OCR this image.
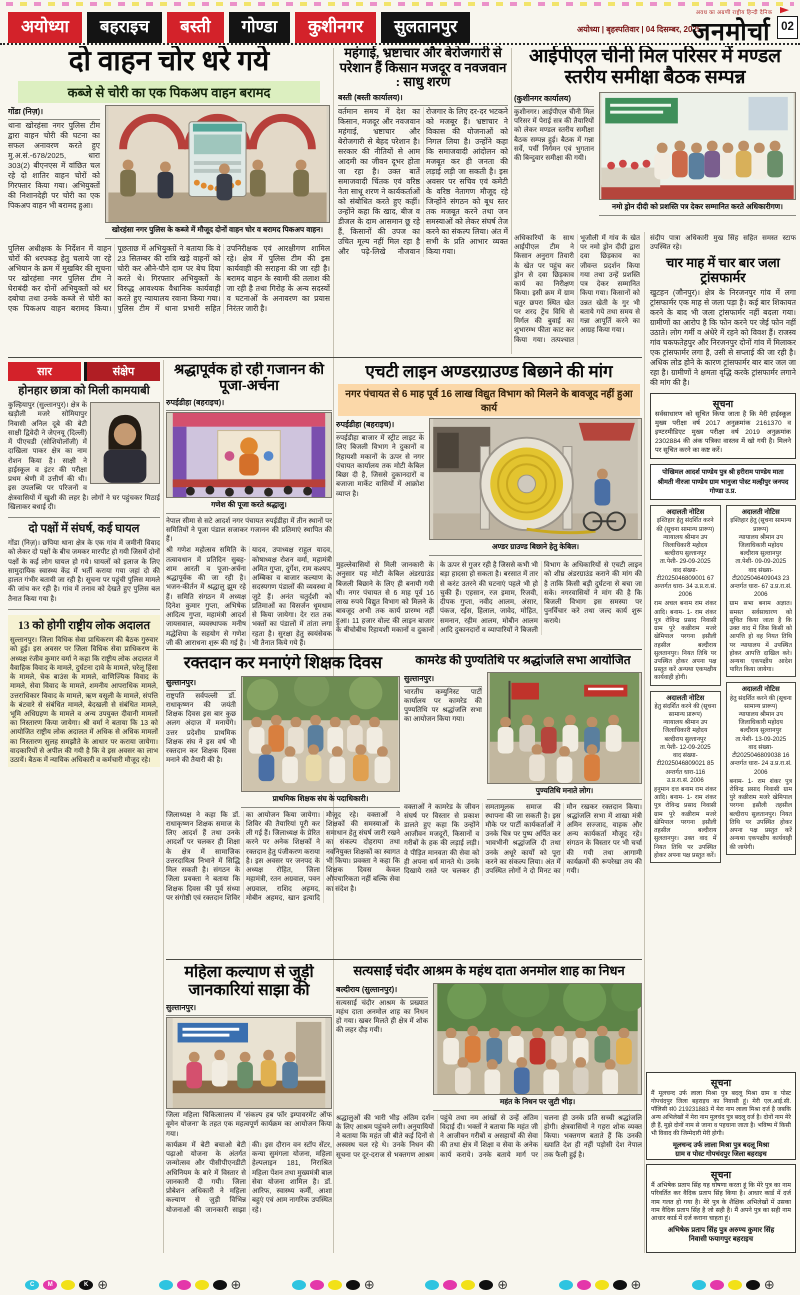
अयोध्या	बहराइच	बस्ती	गोण्डा	कुशीनगर	सुलतानपुर	अयोध्या | बृहस्पतिवार | 04 दिसम्बर, 2025
अवध का अग्रणी राष्ट्रीय हिन्दी दैनिक
जनमोर्चा 02
दो वाहन चोर धरे गये
कब्जे से चोरी का एक पिकअप वाहन बरामद
गोंडा (निज़)।
थाना खोरहंसा नगर पुलिस टीम द्वारा वाहन चोरी की घटना का सफल अनावरण करते हुए मु.अ.सं.-678/2025, धारा 303(2) बीएनएस में वांछित चल रहे दो शातिर वाहन चोरों को गिरफ्तार किया गया। अभियुक्तों की निशानदेही पर चोरी का एक पिकअप वाहन भी बरामद हुआ।
खोरहंसा नगर पुलिस के कब्जे में मौजूद दोनों वाहन चोर व बरामद पिकअप वाहन।
पुलिस अधीक्षक के निर्देशन में वाहन चोरों की धरपकड़ हेतु चलाये जा रहे अभियान के क्रम में मुखबिर की सूचना पर खोरहंसा नगर पुलिस टीम ने घेराबंदी कर दोनों अभियुक्तों को धर दबोचा तथा उनके कब्जे से चोरी का एक पिकअप वाहन बरामद किया। पूछताछ में अभियुक्तों ने बताया कि वे 23 सितम्बर की रात्रि खड़े वाहनों को चोरी कर औने-पौने दाम पर बेच दिया करते थे। गिरफ्तार अभियुक्तों के विरुद्ध आवश्यक वैधानिक कार्यवाही करते हुए न्यायालय रवाना किया गया। पुलिस टीम में थाना प्रभारी सहित उपनिरीक्षक एवं आरक्षीगण शामिल रहे। क्षेत्र में पुलिस टीम की इस कार्यवाही की सराहना की जा रही है। बरामद वाहन के स्वामी की तलाश की जा रही है तथा गिरोह के अन्य सदस्यों व घटनाओं के अनावरण का प्रयास निरंतर जारी है।
महंगाई, भ्रष्टाचार और बेरोजगारी से परेशान हैं किसान मजदूर व नवजवान : साधु शरण
बस्ती (बस्ती कार्यालय)।
वर्तमान समय में देश का किसान, मजदूर और नवजवान महंगाई, भ्रष्टाचार और बेरोजगारी से बेहद परेशान है। सरकार की नीतियों से आम आदमी का जीवन दूभर होता जा रहा है। उक्त बातें समाजवादी चिंतक एवं वरिष्ठ नेता साधू शरण ने कार्यकर्ताओं को संबोधित करते हुए कहीं। उन्होंने कहा कि खाद, बीज व डीजल के दाम आसमान छू रहे हैं, किसानों की उपज का उचित मूल्य नहीं मिल रहा है और पढ़े-लिखे नौजवान रोजगार के लिए दर-दर भटकने को मजबूर हैं। भ्रष्टाचार ने विकास की योजनाओं को निगल लिया है। उन्होंने कहा कि समाजवादी आंदोलन को मजबूत कर ही जनता की लड़ाई लड़ी जा सकती है। इस अवसर पर सचिव एवं कमेटी के वरिष्ठ नेतागण मौजूद रहे जिन्होंने संगठन को बूथ स्तर तक मजबूत करने तथा जन समस्याओं को लेकर संघर्ष तेज करने का संकल्प लिया। अंत में सभी के प्रति आभार व्यक्त किया गया।
आईपीएल चीनी मिल परिसर में मण्डल स्तरीय समीक्षा बैठक सम्पन्न
(कुशीनगर कार्यालय)
कुशीनगर। आईपीएल चीनी मिल परिसर में पेराई सत्र की तैयारियों को लेकर मण्डल स्तरीय समीक्षा बैठक सम्पन्न हुई। बैठक में गन्ना सर्वे, पर्ची निर्गमन एवं भुगतान की बिन्दुवार समीक्षा की गयी।
नमो ड्रोन दीदी को प्रशस्ति पत्र देकर सम्मानित करते अधिकारीगण।
अधिकारियों के साथ आईपीएल टीम ने किसान अनुराग तिवारी के खेत पर पहुंच कर ड्रोन से दवा छिड़काव कार्य का निरीक्षण किया। इसी क्रम में ग्राम चतुर छपरा स्थित खेत पर शरद ट्रेंच विधि से मिर्गल की बुवाई का शुभारम्भ फीता काट कर किया गया। तत्पश्चात भूजौली में गांव के खेत पर नमो ड्रोन दीदी द्वारा दवा छिड़काव का जीवन्त प्रदर्शन किया गया तथा उन्हें प्रशस्ति पत्र देकर सम्मानित किया गया। किसानों को उन्नत खेती के गुर भी बताये गये तथा समय से गन्ना आपूर्ति करने का आग्रह किया गया।
संदीप पात्रा अधिकारी मुख सिंह सहित समस्त स्टाफ उपस्थित रहे।
चार माह में चार बार जला ट्रांसफार्मर
खुटहन (जौनपुर)। क्षेत्र के निरजनपुर गांव में लगा ट्रांसफार्मर एक माह से जला पड़ा है। कई बार शिकायत करने के बाद भी जला ट्रांसफार्मर नहीं बदला गया। ग्रामीणों का आरोप है कि फोन करने पर जेई फोन नहीं उठाते। लोग गर्मी व अंधेरे में रहने को विवश हैं। राजस्व गांव चकफतेहपुर और निरजनपुर दोनों गांव में मिलाकर एक ट्रांसफार्मर लगा है, उसी से सप्लाई की जा रही है। अधिक लोड होने के कारण ट्रांसफार्मर बार बार जल जा रहा है। ग्रामीणों ने क्षमता वृद्धि करके ट्रांसफार्मर लगाने की मांग की है।
सूचना
सर्वसाधारण को सूचित किया जाता है कि मेरी हाईस्कूल मुख्य परीक्षा वर्ष 2017 अनुक्रमांक 2161370 व इण्टरमीडिएट मुख्य परीक्षा वर्ष 2019 अनुक्रमांक 2302884 की अंक पत्रिका वास्तव में खो गयी है। मिलने पर सूचित करने का कष्ट करें।
पोखिमल आदर्श पाण्डेय पुत्र श्री हरीराम पाण्डेय माता श्रीमती नीरजा पाण्डेय ग्राम भानुजा पोस्ट मल्हीपुर जनपद गोण्डा उ.प्र.
अदालती नोटिस
इश्तिहार हेतु संदर्शित करने की (सूचना सामान्य प्रारूप)
न्यायालय श्रीमान उप जिलाधिकारी महोदय बल्दीराय सुल्तानपुर
ता.पेशी- 29-09-2025
वाद संख्या- टी2025046809001 67
अन्तर्गत धारा- 34 उ.प्र.रा.सं. 2006
राम अचल बनाम राम शंकर आदि। बनाम- 1- राम शंकर पुत्र रोविन्द्र प्रसाद निवासी ग्राम पुरे कछीराम मजरे खेमिपाल परगना इसौली तहसील बल्दीराय सुलतानपुर। नियत तिथि पर उपस्थित होकर अपना पक्ष प्रस्तुत करें अन्यथा एकपक्षीय कार्यवाही होगी।
अदालती नोटिस
हेतु संदर्शित करने की (सूचना सामान्य प्रारूप)
न्यायालय श्रीमान उप जिलाधिकारी महोदय बल्दीराय सुल्तानपुर
ता.पेशी- 12-09-2025
वाद संख्या- टी2025046809021 85
अन्तर्गत धारा-116 उ.प्र.रा.सं. 2006
हनुमान दत्त बनाम राम शंकर आदि। बनाम- 1- राम शंकर पुत्र रोविन्द्र प्रसाद निवासी ग्राम पुरे कछीराम मजरे खेमिपाल परगना इसौली तहसील बल्दीराय सुलतानपुर। उक्त वाद में नियत तिथि पर उपस्थित होकर अपना पक्ष प्रस्तुत करें।
अदालती नोटिस
इश्तिहार हेतु (सूचना सामान्य प्रारूप)
न्यायालय श्रीमान उप जिलाधिकारी महोदय बल्दीराय सुल्तानपुर
ता.पेशी- 09-09-2025
वाद संख्या- टी2025046409043 23
अन्तर्गत धारा- 67 उ.प्र.रा.सं. 2006
ग्राम सभा बनाम अज्ञात। समस्त सर्वसाधारण को सूचित किया जाता है कि उक्त वाद में जिस किसी को आपत्ति हो वह नियत तिथि पर न्यायालय में उपस्थित होकर आपत्ति दाखिल करे। अन्यथा एकपक्षीय आदेश पारित किया जायेगा।
अदालती नोटिस
हेतु संदर्शित करने की (सूचना सामान्य प्रारूप)
न्यायालय श्रीमान उप जिलाधिकारी महोदय बल्दीराय सुल्तानपुर
ता.पेशी- 13-09-2025
वाद संख्या- टी2025046809038 16
अन्तर्गत धारा- 24 उ.प्र.रा.सं. 2006
बनाम- 1- राम शंकर पुत्र रोविन्द्र प्रसाद निवासी ग्राम पुरे कछीराम मजरे खेमिपाल परगना इसौली तहसील बल्दीराय सुलतानपुर। नियत तिथि पर उपस्थित होकर अपना पक्ष प्रस्तुत करें अन्यथा एकपक्षीय कार्यवाही की जायेगी।
सूचना
मैं मूलचन्द उर्फ लाला मिश्रा पुत्र बदलू मिश्रा ग्राम व पोस्ट गोपचंदपुर जिला बहराइच का निवासी हूं। मेरी एल.आई.सी. पॉलिसी सं0 219231883 में मेरा नाम लाला मिश्रा दर्ज है जबकि अन्य अभिलेखों में मेरा नाम मूलचंद पुत्र बदलू दर्ज है। दोनों नाम मेरे ही हैं, मुझे दोनों नाम से जाना व पहचाना जाता है। भविष्य में किसी भी विवाद की जिम्मेदारी मेरी होगी।
मूलचन्द उर्फ लाला मिश्रा पुत्र बदलू मिश्रा
ग्राम व पोस्ट गोपचंदपुर जिला बहराइच
सूचना
मैं अभिषेक प्रताप सिंह यह घोषणा करता हूं कि मेरे पुत्र का नाम परिवर्तित कर वैदिक प्रताप सिंह किया है। आधार कार्ड में दर्ज नाम गलत हो गया है। मेरे पुत्र के शैक्षिक अभिलेखों में उसका नाम वैदिक प्रताप सिंह है जो सही है। मैं अपने पुत्र का सही नाम आधार कार्ड में दर्ज कराना चाहता हूं।
अभिषेक प्रताप सिंह पुत्र अरुण्य कुमार सिंह
निवासी फयागपुर बहराइच
सार	संक्षेप
होनहार छात्रा को मिली कामयाबी
कुल्हियापुर (सुल्तानपुर)। क्षेत्र के खड़ौली मजरे सोमियापुर निवासी अनिल दूबे की बेटी साक्षी द्विवेदी ने जेएनयू (दिल्ली) में पीएचडी (सोशियोलॉजी) में दाखिला पाकर क्षेत्र का नाम रोशन किया है। साक्षी ने हाईस्कूल व इंटर की परीक्षा प्रथम श्रेणी में उत्तीर्ण की थी। इस उपलब्धि पर परिजनों व क्षेत्रवासियों में खुशी की लहर है। लोगों ने घर पहुंचकर मिठाई खिलाकर बधाई दी।
दो पक्षों में संघर्ष, कई घायल
गोंडा (निज़)। छपिया थाना क्षेत्र के एक गांव में जमीनी विवाद को लेकर दो पक्षों के बीच जमकर मारपीट हो गयी जिसमें दोनों पक्षों के कई लोग घायल हो गये। घायलों को इलाज के लिए सामुदायिक स्वास्थ्य केंद्र में भर्ती कराया गया जहां दो की हालत गंभीर बतायी जा रही है। सूचना पर पहुंची पुलिस मामले की जांच कर रही है। गांव में तनाव को देखते हुए पुलिस बल तैनात किया गया है।
13 को होगी राष्ट्रीय लोक अदालत
सुल्तानपुर। जिला विधिक सेवा प्राधिकरण की बैठक गुरुवार को हुई। इस अवसर पर जिला विधिक सेवा प्राधिकरण के अध्यक्ष रंजीव कुमार वर्मा ने कहा कि राष्ट्रीय लोक अदालत में वैवाहिक विवाद के मामले, दुर्घटना दावे के मामले, घरेलू हिंसा के मामले, चेक बाउंस के मामले, वाणिज्यिक विवाद के मामले, सेवा विवाद के मामले, शमनीय आपराधिक मामले, उत्तराधिकार विवाद के मामले, ऋण वसूली के मामले, संपत्ति के बंटवारे से संबंधित मामले, बेदखली से संबंधित मामले, भूमि अधिग्रहण के मामले व अन्य उपयुक्त दीवानी मामलों का निस्तारण किया जायेगा। श्री वर्मा ने बताया कि 13 को आयोजित राष्ट्रीय लोक अदालत में अधिक से अधिक मामलों का निस्तारण सुलह समझौते के आधार पर कराया जायेगा। वादकारियों से अपील की गयी है कि वे इस अवसर का लाभ उठायें। बैठक में न्यायिक अधिकारी व कर्मचारी मौजूद रहे।
श्रद्धापूर्वक हो रही गजानन की पूजा-अर्चना
रुपईडीहा (बहराइच)।
गणेश की पूजा करते श्रद्धालु।
नेपाल सीमा से सटे आदर्श नगर पंचायत रुपईडीहा में तीन स्थानों पर समितियों ने पूजा पंडाल सजाकर गजानन की प्रतिमाएं स्थापित की हैं।
श्री गणेश महोत्सव समिति के तत्वावधान में प्रतिदिन सुबह-शाम आरती व पूजा-अर्चना श्रद्धापूर्वक की जा रही है। भजन-कीर्तन में श्रद्धालु झूम रहे हैं। समिति संगठन में अध्यक्ष दिनेश कुमार गुप्ता, अभिषेक आदित्य गुप्ता, महामंत्री आदर्श जायसवाल, व्यवस्थापक मनीष मद्धेशिया के सहयोग से गणेश जी की आराधना शुरू की गई है। यादव, उपाध्यक्ष राहुल यादव, कोषाध्यक्ष रोशन वर्मा, महामंत्री अमित गुप्ता, दुर्गेश, राम कश्यप, अम्बिका व बाजार कल्याण के सदस्यगण पंडालों की व्यवस्था में जुटे हैं। अनंत चतुर्दशी को प्रतिमाओं का विसर्जन धूमधाम से किया जायेगा। देर रात तक भक्तों का पंडालों में तांता लगा रहता है। सुरक्षा हेतु स्वयंसेवक भी तैनात किये गये हैं।
एचटी लाइन अण्डरग्राउण्ड बिछाने की मांग
नगर पंचायत से 6 माह पूर्व 16 लाख विद्युत विभाग को मिलने के बावजूद नहीं हुआ कार्य
रुपईडीहा (बहराइच)।
रुपईडीहा बाजार में स्ट्रीट लाइट के लिए बिजली विभाग ने दुकानों व रिहायशी मकानों के ऊपर से नगर पंचायत कार्यालय तक मोटी केबिल बिछा दी है, जिससे दुकानदारों व बजाजा मार्केट वासियों में आक्रोश व्याप्त है।
अण्डर ग्राउण्ड बिछाने हेतु केबिल।
मुहल्लेवासियों से मिली जानकारी के अनुसार यह मोटी केबिल अंडरग्राउंड बिजली बिछाने के लिए ही बनायी गयी थी। नगर पंचायत से 6 माह पूर्व 16 लाख रुपये विद्युत विभाग को मिलने के बावजूद अभी तक कार्य प्रारम्भ नहीं हुआ। 11 हजार वोल्ट की लाइन बाजार के बीचोबीच रिहायशी मकानों व दुकानों के ऊपर से गुजर रही है जिससे कभी भी बड़ा हादसा हो सकता है। बरसात में तार से करंट उतरने की घटनाएं पहले भी हो चुकी हैं। एहसान, रज इमाम, रिजवी, दीपक गुप्ता, नवीद आलम, अंसार, पंकज, रईस, हिलाल, जावेद, मोहित, समनान, रहीम आलम, मोबीन आलम आदि दुकानदारों व व्यापारियों ने बिजली विभाग के अधिकारियों से एचटी लाइन को शीघ्र अंडरग्राउंड कराने की मांग की है ताकि किसी बड़ी दुर्घटना से बचा जा सके। नगरवासियों ने मांग की है कि बिजली विभाग इस समस्या पर पुनर्विचार करे तथा जल्द कार्य शुरू कराये।
रक्तदान कर मनाएंगे शिक्षक दिवस
सुल्तानपुर।
राष्ट्रपति सर्वपल्ली डॉ. राधाकृष्णन की जयंती शिक्षक दिवस इस बार कुछ अलग अंदाज में मनायेंगे। उत्तर प्रदेशीय प्राथमिक शिक्षक संघ ने इस वर्ष भी रक्तदान कर शिक्षक दिवस मनाने की तैयारी की है।
प्राथमिक शिक्षक संघ के पदाधिकारी।
जिलाध्यक्ष ने कहा कि डॉ. राधाकृष्णन शिक्षक समाज के लिए आदर्श हैं तथा उनके आदर्शों पर चलकर ही शिक्षा के क्षेत्र में सामाजिक उत्तरदायित्व निभाने में सिद्धि मिल सकती है। संगठन के जिला प्रवक्ता ने बताया कि शिक्षक दिवस की पूर्व संध्या पर संगोष्ठी एवं रक्तदान शिविर का आयोजन किया जायेगा। शिविर की तैयारियां पूरी कर ली गई हैं। जिलाध्यक्ष के प्रेरित करने पर अनेक शिक्षकों ने रक्तदान हेतु पंजीकरण कराया है। इस अवसर पर जनपद के अध्यक्ष रोहित, जिला महामंत्री, रतन अग्रवाल, पवन अग्रवाल, राशिद अहमद, मोबीन अहमद, खान इत्यादि मौजूद रहे। वक्ताओं ने शिक्षकों की समस्याओं के समाधान हेतु संघर्ष जारी रखने का संकल्प दोहराया तथा नवनियुक्त शिक्षकों का स्वागत भी किया। प्रवक्ता ने कहा कि शिक्षक दिवस केवल औपचारिकता नहीं बल्कि सेवा का संदेश है।
कामरेड की पुण्यतिथि पर श्रद्धांजलि सभा आयोजित
सुल्तानपुर।
भारतीय कम्युनिस्ट पार्टी कार्यालय पर कामरेड की पुण्यतिथि पर श्रद्धांजलि सभा का आयोजन किया गया।
पुण्यतिथि मनाते लोग।
वक्ताओं ने कामरेड के जीवन संघर्ष पर विस्तार से प्रकाश डालते हुए कहा कि उन्होंने आजीवन मजदूरों, किसानों व गरीबों के हक की लड़ाई लड़ी। वे पीड़ित मानवता की सेवा को ही अपना धर्म मानते थे। उनके दिखाये रास्ते पर चलकर ही समतामूलक समाज की स्थापना की जा सकती है। इस मौके पर पार्टी कार्यकर्ताओं ने उनके चित्र पर पुष्प अर्पित कर भावभीनी श्रद्धांजलि दी तथा उनके अधूरे कार्यों को पूरा करने का संकल्प लिया। अंत में उपस्थित लोगों ने दो मिनट का मौन रखकर रक्तदान किया। श्रद्धांजलि सभा में शाखा मंत्री अमिन सज्जाद, वाहक और अन्य कार्यकर्ता मौजूद रहे। संगठन के विस्तार पर भी चर्चा की गयी तथा आगामी कार्यक्रमों की रूपरेखा तय की गयी।
महिला कल्याण से जुड़ी जानकारियां साझा की
सुल्तानपुर।
जिला महिला चिकित्सालय में 'संकल्प हब फॉर इम्पावरमेंट ऑफ वूमेन योजना' के तहत एक महत्वपूर्ण कार्यक्रम का आयोजन किया गया।
कार्यक्रम में बेटी बचाओ बेटी पढ़ाओ योजना के अंतर्गत जन्मोत्सव और पीसीपीएनडीटी अधिनियम के बारे में विस्तार से जानकारी दी गयी। जिला प्रोबेशन अधिकारी ने महिला कल्याण से जुड़ी विभिन्न योजनाओं की जानकारी साझा की। इस दौरान वन स्टॉप सेंटर, कन्या सुमंगला योजना, महिला हेल्पलाइन 181, निराश्रित महिला पेंशन तथा मुख्यमंत्री बाल सेवा योजना शामिल है। डॉ. आरिफ, स्वास्थ्य कर्मी, आशा बहुएं एवं आम नागरिक उपस्थित रहे।
सत्यसाईं चंदौर आश्रम के महंथ दाता अनमोल शाह का निधन
बल्दीराय (सुल्तानपुर)।
सत्यसाईं चंदौर आश्रम के प्रख्यात महंथ दाता अनमोल शाह का निधन हो गया। खबर मिलते ही क्षेत्र में शोक की लहर दौड़ गयी।
महंत के निधन पर जुटी भीड़।
श्रद्धालुओं की भारी भीड़ अंतिम दर्शन के लिए आश्रम पहुंचने लगी। अनुयायियों ने बताया कि महंत जी बीते कई दिनों से अस्वस्थ चल रहे थे। उनके निधन की सूचना पर दूर-दराज से भक्तगण आश्रम पहुंचे तथा नम आंखों से उन्हें अंतिम विदाई दी। भक्तों ने बताया कि महंत जी ने आजीवन गरीबों व असहायों की सेवा की तथा क्षेत्र में शिक्षा व सेवा के अनेक कार्य कराये। उनके बताये मार्ग पर चलना ही उनके प्रति सच्ची श्रद्धांजलि होगी। क्षेत्रवासियों ने गहरा शोक व्यक्त किया। भक्तगण बताते हैं कि उनकी ख्याति देश ही नहीं पड़ोसी देश नेपाल तक फैली हुई है।
C M	K ⊕	⊕	⊕	⊕	⊕	⊕
